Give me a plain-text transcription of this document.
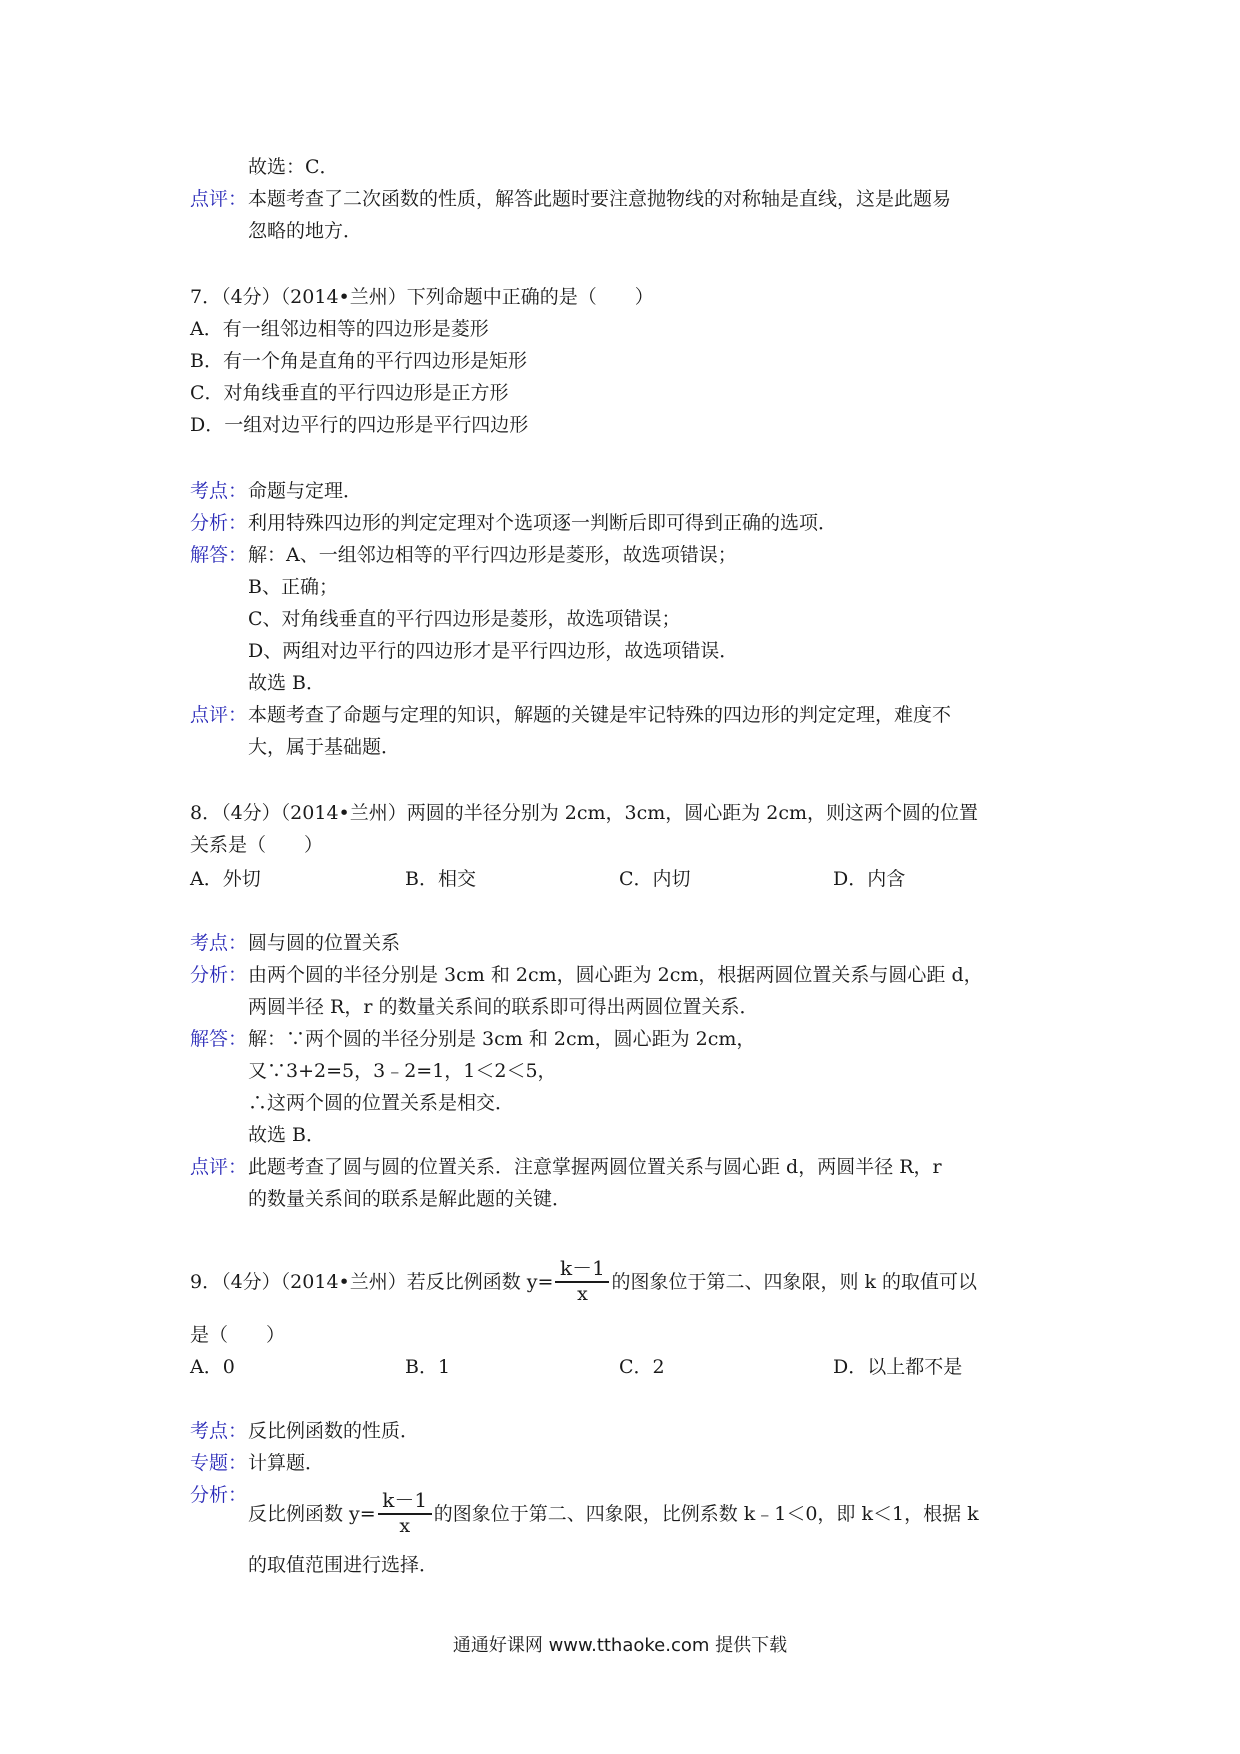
故选：C．
点评： 本题考查了二次函数的性质，解答此题时要注意抛物线的对称轴是直线，这是此题易
忽略的地方．
7．（4分）（2014•兰州）下列命题中正确的是（　　）
A．有一组邻边相等的四边形是菱形
B．有一个角是直角的平行四边形是矩形
C．对角线垂直的平行四边形是正方形
D．一组对边平行的四边形是平行四边形
考点： 命题与定理．
分析： 利用特殊四边形的判定定理对个选项逐一判断后即可得到正确的选项．
解答： 解：A、一组邻边相等的平行四边形是菱形，故选项错误；
B、正确；
C、对角线垂直的平行四边形是菱形，故选项错误；
D、两组对边平行的四边形才是平行四边形，故选项错误．
故选 B．
点评： 本题考查了命题与定理的知识，解题的关键是牢记特殊的四边形的判定定理，难度不
大，属于基础题．
8．（4分）（2014•兰州）两圆的半径分别为 2cm，3cm，圆心距为 2cm，则这两个圆的位置
关系是（　　）
A．外切	B．相交	C．内切	D．内含
考点： 圆与圆的位置关系
分析： 由两个圆的半径分别是 3cm 和 2cm，圆心距为 2cm，根据两圆位置关系与圆心距 d，
两圆半径 R，r 的数量关系间的联系即可得出两圆位置关系．
解答： 解：∵两个圆的半径分别是 3cm 和 2cm，圆心距为 2cm，
又∵3+2=5，3﹣2=1，1＜2＜5，
∴这两个圆的位置关系是相交．
故选 B．
点评： 此题考查了圆与圆的位置关系．注意掌握两圆位置关系与圆心距 d，两圆半径 R，r
的数量关系间的联系是解此题的关键．
9．（4分）（2014•兰州）若反比例函数 $y= \frac{k-1}{x}$ 的图象位于第二、四象限，则 k 的取值可以
是（　　）
A．0	B．1	C．2	D．以上都不是
考点： 反比例函数的性质．
专题： 计算题．
分析：
反比例函数 $y= \frac{k-1}{x}$ 的图象位于第二、四象限，比例系数 k﹣1＜0，即 k＜1，根据 k
的取值范围进行选择．
通通好课网 www.tthaoke.com 提供下载
